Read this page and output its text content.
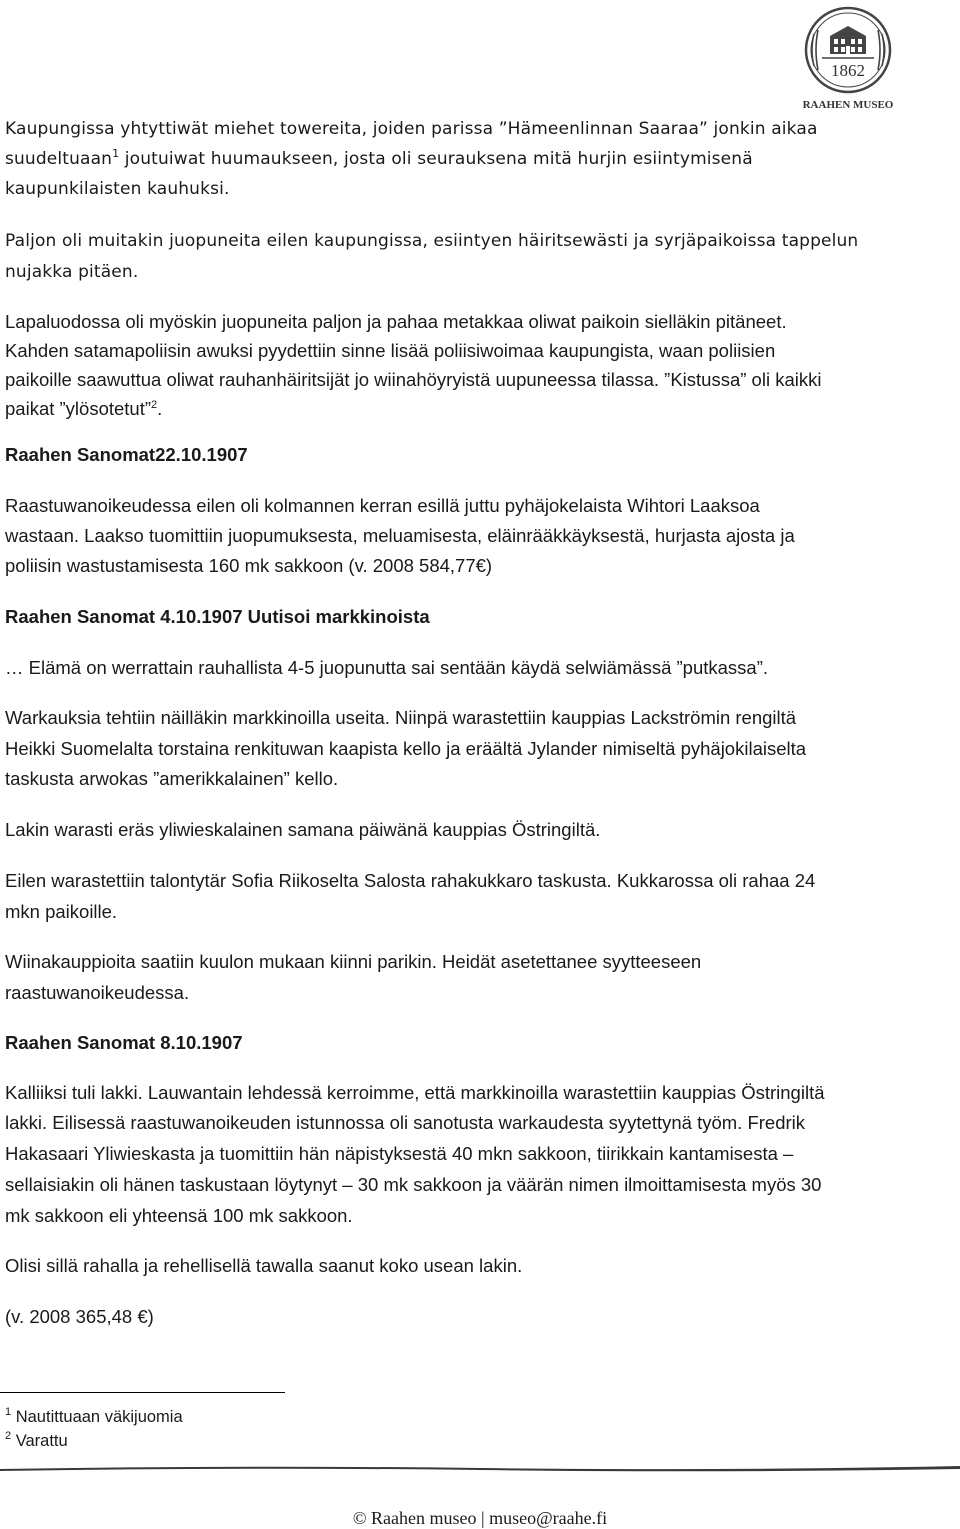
1862
RAAHEN MUSEO

Kaupungissa yhtyttiwät miehet towereita, joiden parissa ”Hämeenlinnan Saaraa” jonkin aikaa

suudeltuaan$^1$ joutuiwat huumaukseen, josta oli seurauksena mitä hurjin esiintymisenä

kaupunkilaisten kauhuksi.

Paljon oli muitakin juopuneita eilen kaupungissa, esiintyen häiritsewästi ja syrjäpaikoissa tappelun

nujakka pitäen.

Lapaluodossa oli myöskin juopuneita paljon ja pahaa metakkaa oliwat paikoin sielläkin pitäneet.

Kahden satamapoliisin awuksi pyydettiin sinne lisää poliisiwoimaa kaupungista, waan poliisien

paikoille saawuttua oliwat rauhanhäiritsijät jo wiinahöyryistä uupuneessa tilassa. ”Kistussa” oli kaikki

paikat ”ylösotetut”$^2$.

Raahen Sanomat22.10.1907

Raastuwanoikeudessa eilen oli kolmannen kerran esillä juttu pyhäjokelaista Wihtori Laaksoa

wastaan. Laakso tuomittiin juopumuksesta, meluamisesta, eläinrääkkäyksestä, hurjasta ajosta ja

poliisin wastustamisesta 160 mk sakkoon (v. 2008 584,77€)

Raahen Sanomat 4.10.1907 Uutisoi markkinoista

… Elämä on werrattain rauhallista 4-5 juopunutta sai sentään käydä selwiämässä ”putkassa”.

Warkauksia tehtiin näilläkin markkinoilla useita. Niinpä warastettiin kauppias Lackströmin rengiltä

Heikki Suomelalta torstaina renkituwan kaapista kello ja eräältä Jylander nimiseltä pyhäjokilaiselta

taskusta arwokas ”amerikkalainen” kello.

Lakin warasti eräs yliwieskalainen samana päiwänä kauppias Östringiltä.

Eilen warastettiin talontytär Sofia Riikoselta Salosta rahakukkaro taskusta. Kukkarossa oli rahaa 24

mkn paikoille.

Wiinakauppioita saatiin kuulon mukaan kiinni parikin. Heidät asetettanee syytteeseen

raastuwanoikeudessa.

Raahen Sanomat 8.10.1907

Kalliiksi tuli lakki. Lauwantain lehdessä kerroimme, että markkinoilla warastettiin kauppias Östringiltä

lakki. Eilisessä raastuwanoikeuden istunnossa oli sanotusta warkaudesta syytettynä työm. Fredrik

Hakasaari Yliwieskasta ja tuomittiin hän näpistyksestä 40 mkn sakkoon, tiirikkain kantamisesta –

sellaisiakin oli hänen taskustaan löytynyt – 30 mk sakkoon ja väärän nimen ilmoittamisesta myös 30

mk sakkoon eli yhteensä 100 mk sakkoon.

Olisi sillä rahalla ja rehellisellä tawalla saanut koko usean lakin.

(v. 2008 365,48 €)

$^1$ Nautittuaan väkijuomia
$^2$ Varattu
© Raahen museo | museo@raahe.fi
